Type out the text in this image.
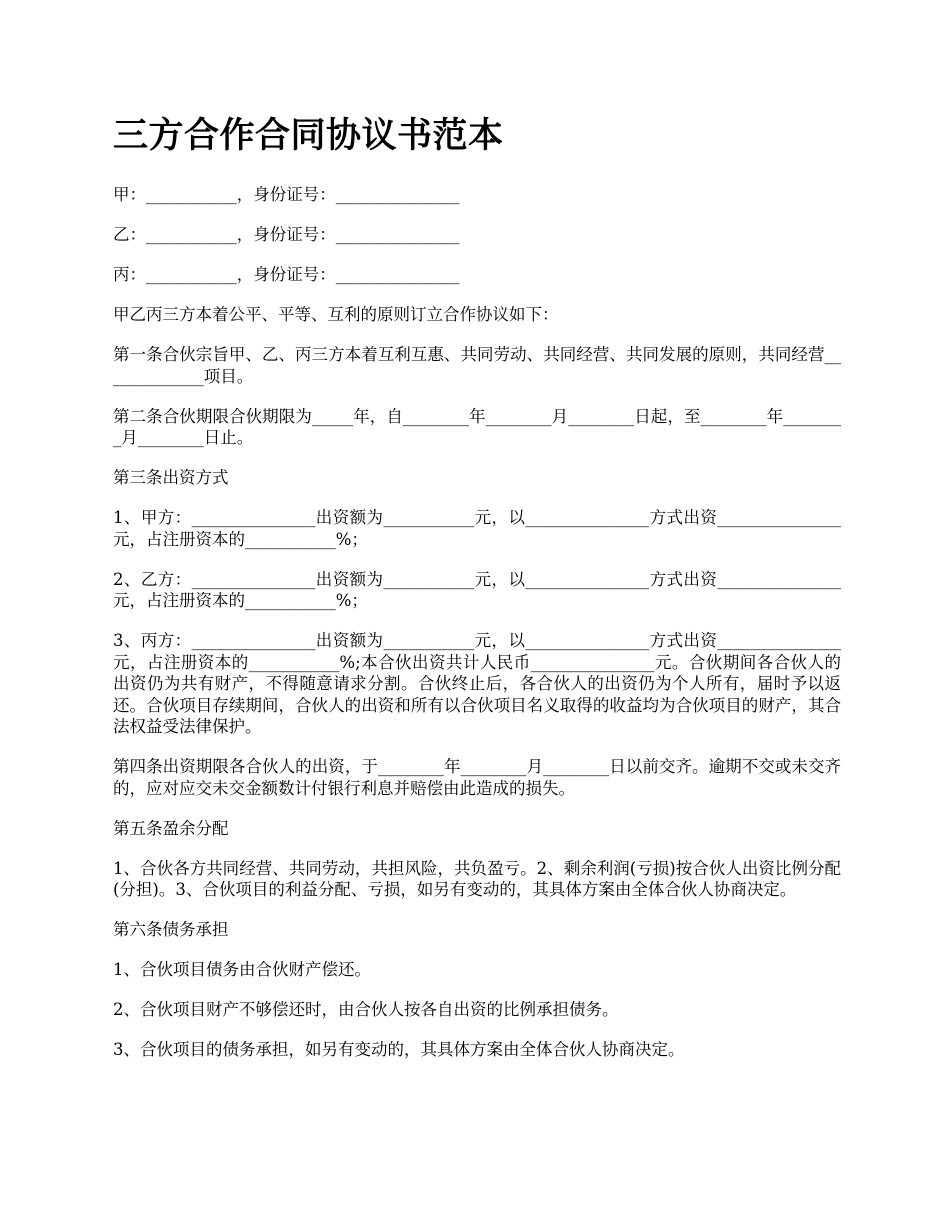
三方合作合同协议书范本

甲：___________，身份证号：_______________

乙：___________，身份证号：_______________

丙：___________，身份证号：_______________

甲乙丙三方本着公平、平等、互利的原则订立合作协议如下：

第一条合伙宗旨甲、乙、丙三方本着互利互惠、共同劳动、共同经营、共同发展的原则，共同经营_____________项目。

第二条合伙期限合伙期限为_____年，自________年________月________日起，至________年________月________日止。

第三条出资方式

1、甲方：_______________出资额为___________元，以_______________方式出资_______________元，占注册资本的___________%；

2、乙方：_______________出资额为___________元，以_______________方式出资_______________元，占注册资本的___________%；

3、丙方：_______________出资额为___________元，以_______________方式出资_______________元，占注册资本的___________%;本合伙出资共计人民币_______________元。合伙期间各合伙人的出资仍为共有财产，不得随意请求分割。合伙终止后，各合伙人的出资仍为个人所有，届时予以返还。合伙项目存续期间，合伙人的出资和所有以合伙项目名义取得的收益均为合伙项目的财产，其合法权益受法律保护。

第四条出资期限各合伙人的出资，于________年________月________日以前交齐。逾期不交或未交齐的，应对应交未交金额数计付银行利息并赔偿由此造成的损失。

第五条盈余分配

1、合伙各方共同经营、共同劳动，共担风险，共负盈亏。2、剩余利润(亏损)按合伙人出资比例分配(分担)。3、合伙项目的利益分配、亏损，如另有变动的，其具体方案由全体合伙人协商决定。

第六条债务承担

1、合伙项目债务由合伙财产偿还。

2、合伙项目财产不够偿还时，由合伙人按各自出资的比例承担债务。

3、合伙项目的债务承担，如另有变动的，其具体方案由全体合伙人协商决定。
